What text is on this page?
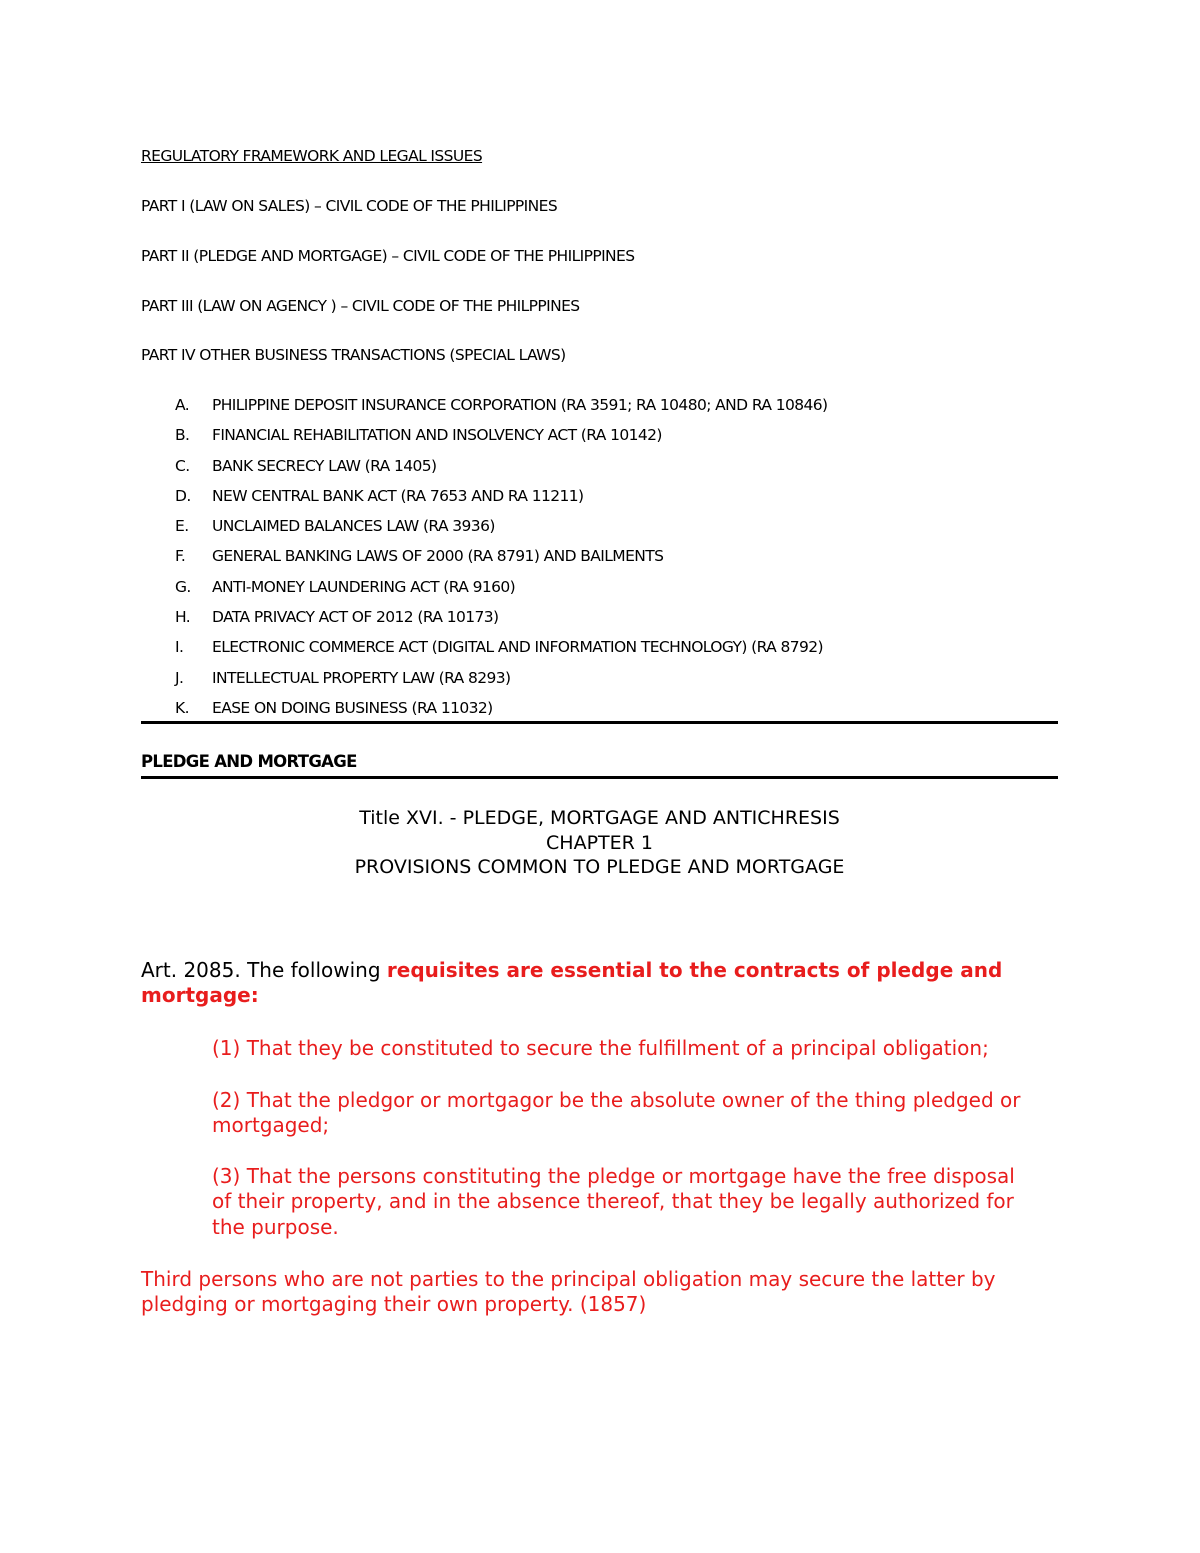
REGULATORY FRAMEWORK AND LEGAL ISSUES
PART I (LAW ON SALES) – CIVIL CODE OF THE PHILIPPINES
PART II (PLEDGE AND MORTGAGE) – CIVIL CODE OF THE PHILIPPINES
PART III (LAW ON AGENCY ) – CIVIL CODE OF THE PHILPPINES
PART IV OTHER BUSINESS TRANSACTIONS (SPECIAL LAWS)
A.	PHILIPPINE DEPOSIT INSURANCE CORPORATION (RA 3591; RA 10480; AND RA 10846)
B.	FINANCIAL REHABILITATION AND INSOLVENCY ACT (RA 10142)
C.	BANK SECRECY LAW (RA 1405)
D.	NEW CENTRAL BANK ACT (RA 7653 AND RA 11211)
E.	UNCLAIMED BALANCES LAW (RA 3936)
F.	GENERAL BANKING LAWS OF 2000 (RA 8791) AND BAILMENTS
G.	ANTI-MONEY LAUNDERING ACT (RA 9160)
H.	DATA PRIVACY ACT OF 2012 (RA 10173)
I.	ELECTRONIC COMMERCE ACT (DIGITAL AND INFORMATION TECHNOLOGY) (RA 8792)
J.	INTELLECTUAL PROPERTY LAW (RA 8293)
K.	EASE ON DOING BUSINESS (RA 11032)
PLEDGE AND MORTGAGE
Title XVI. - PLEDGE, MORTGAGE AND ANTICHRESIS
CHAPTER 1
PROVISIONS COMMON TO PLEDGE AND MORTGAGE
Art. 2085. The following requisites are essential to the contracts of pledge and
mortgage:
(1) That they be constituted to secure the fulfillment of a principal obligation;
(2) That the pledgor or mortgagor be the absolute owner of the thing pledged or
mortgaged;
(3) That the persons constituting the pledge or mortgage have the free disposal
of their property, and in the absence thereof, that they be legally authorized for
the purpose.
Third persons who are not parties to the principal obligation may secure the latter by
pledging or mortgaging their own property. (1857)
